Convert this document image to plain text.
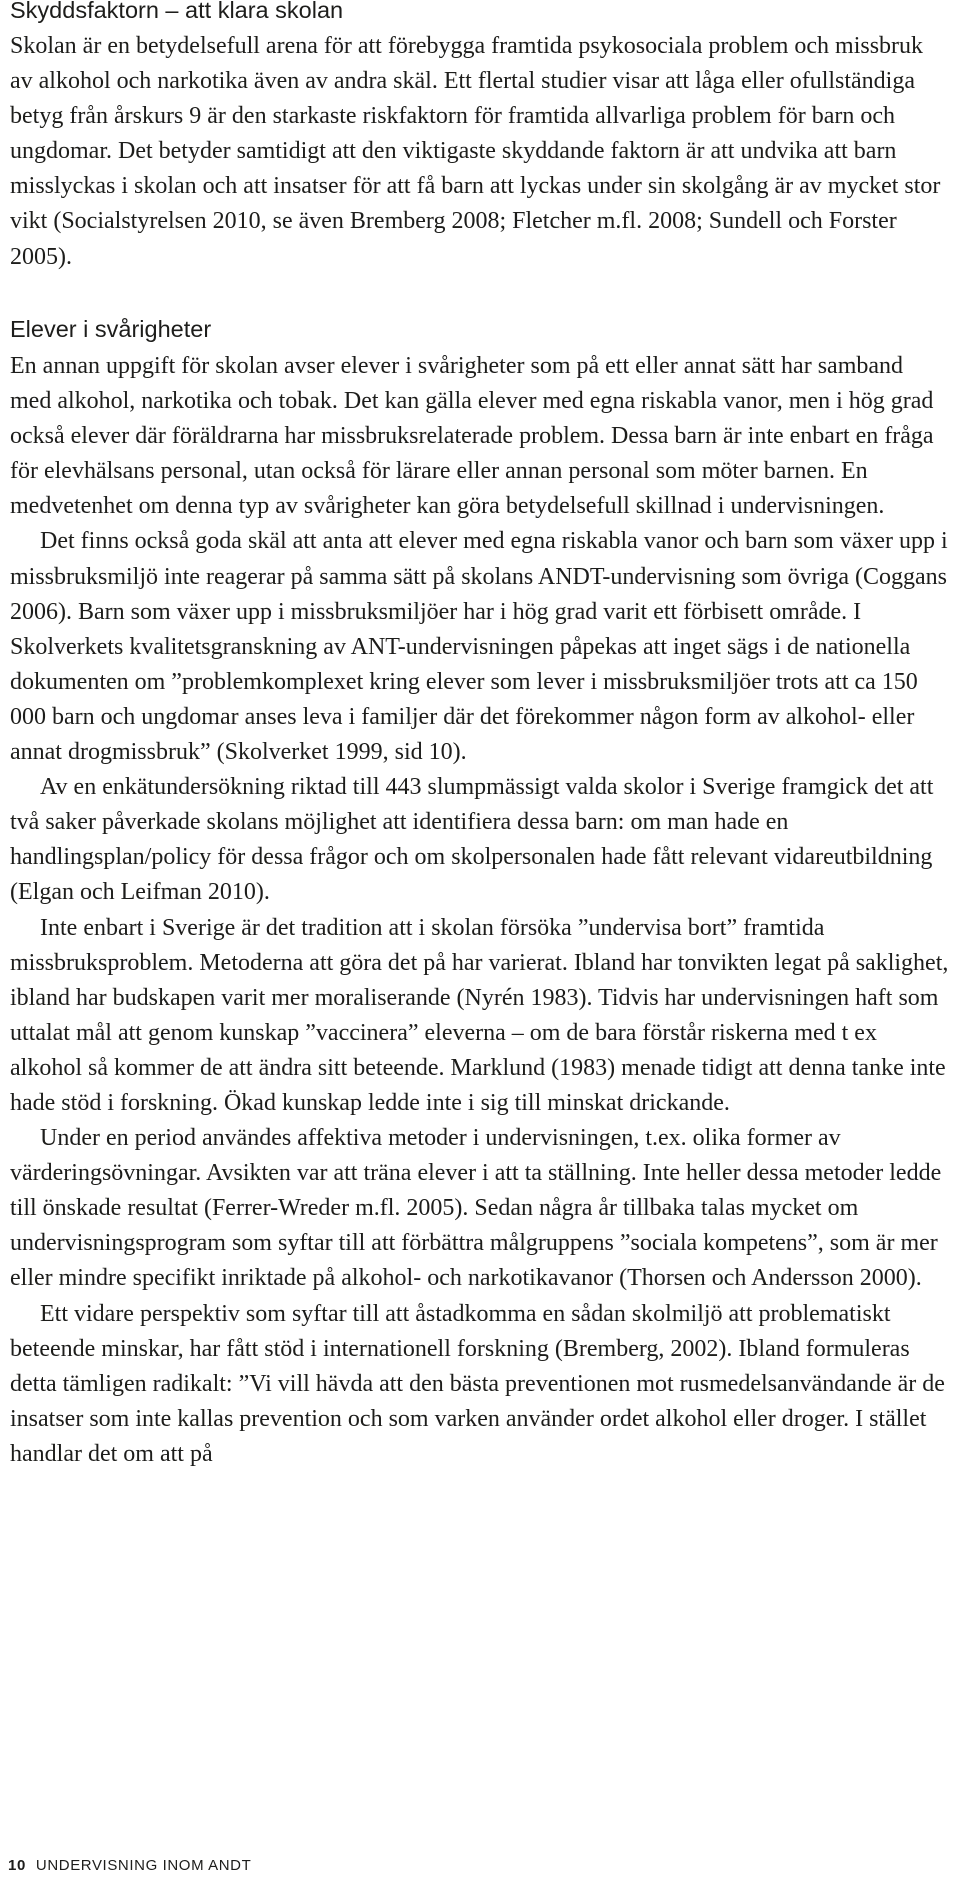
Skyddsfaktorn – att klara skolan

Skolan är en betydelsefull arena för att förebygga framtida psykosociala problem och missbruk av alkohol och narkotika även av andra skäl. Ett flertal studier visar att låga eller ofullständiga betyg från årskurs 9 är den starkaste riskfaktorn för framtida allvarliga problem för barn och ungdomar. Det betyder samtidigt att den viktigaste skyddande faktorn är att undvika att barn misslyckas i skolan och att insatser för att få barn att lyckas under sin skolgång är av mycket stor vikt (Socialstyrelsen 2010, se även Bremberg 2008; Fletcher m.fl. 2008; Sundell och Forster 2005).

Elever i svårigheter

En annan uppgift för skolan avser elever i svårigheter som på ett eller annat sätt har samband med alkohol, narkotika och tobak. Det kan gälla elever med egna riskabla vanor, men i hög grad också elever där föräldrarna har missbruksrelaterade problem. Dessa barn är inte enbart en fråga för elevhälsans personal, utan också för lärare eller annan personal som möter barnen. En medvetenhet om denna typ av svårigheter kan göra betydelsefull skillnad i undervisningen.

Det finns också goda skäl att anta att elever med egna riskabla vanor och barn som växer upp i missbruksmiljö inte reagerar på samma sätt på skolans ANDT-undervisning som övriga (Coggans 2006). Barn som växer upp i missbruksmiljöer har i hög grad varit ett förbisett område. I Skolverkets kvalitetsgranskning av ANT-undervisningen påpekas att inget sägs i de nationella dokumenten om ”problemkomplexet kring elever som lever i missbruksmiljöer trots att ca 150 000 barn och ungdomar anses leva i familjer där det förekommer någon form av alkohol- eller annat drogmissbruk” (Skolverket 1999, sid 10).

Av en enkätundersökning riktad till 443 slumpmässigt valda skolor i Sverige framgick det att två saker påverkade skolans möjlighet att identifiera dessa barn: om man hade en handlingsplan/policy för dessa frågor och om skolpersonalen hade fått relevant vidareutbildning (Elgan och Leifman 2010).

Inte enbart i Sverige är det tradition att i skolan försöka ”undervisa bort” framtida missbruksproblem. Metoderna att göra det på har varierat. Ibland har tonvikten legat på saklighet, ibland har budskapen varit mer moraliserande (Nyrén 1983). Tidvis har undervisningen haft som uttalat mål att genom kunskap ”vaccinera” eleverna – om de bara förstår riskerna med t ex alkohol så kommer de att ändra sitt beteende. Marklund (1983) menade tidigt att denna tanke inte hade stöd i forskning. Ökad kunskap ledde inte i sig till minskat drickande.

Under en period användes affektiva metoder i undervisningen, t.ex. olika former av värderingsövningar. Avsikten var att träna elever i att ta ställning. Inte heller dessa metoder ledde till önskade resultat (Ferrer-Wreder m.fl. 2005). Sedan några år tillbaka talas mycket om undervisningsprogram som syftar till att förbättra målgruppens ”sociala kompetens”, som är mer eller mindre specifikt inriktade på alkohol- och narkotikavanor (Thorsen och Andersson 2000).

Ett vidare perspektiv som syftar till att åstadkomma en sådan skolmiljö att problematiskt beteende minskar, har fått stöd i internationell forskning (Bremberg, 2002). Ibland formuleras detta tämligen radikalt: ”Vi vill hävda att den bästa preventionen mot rusmedelsanvändande är de insatser som inte kallas prevention och som varken använder ordet alkohol eller droger. I stället handlar det om att på

10 UNDERVISNING INOM ANDT
